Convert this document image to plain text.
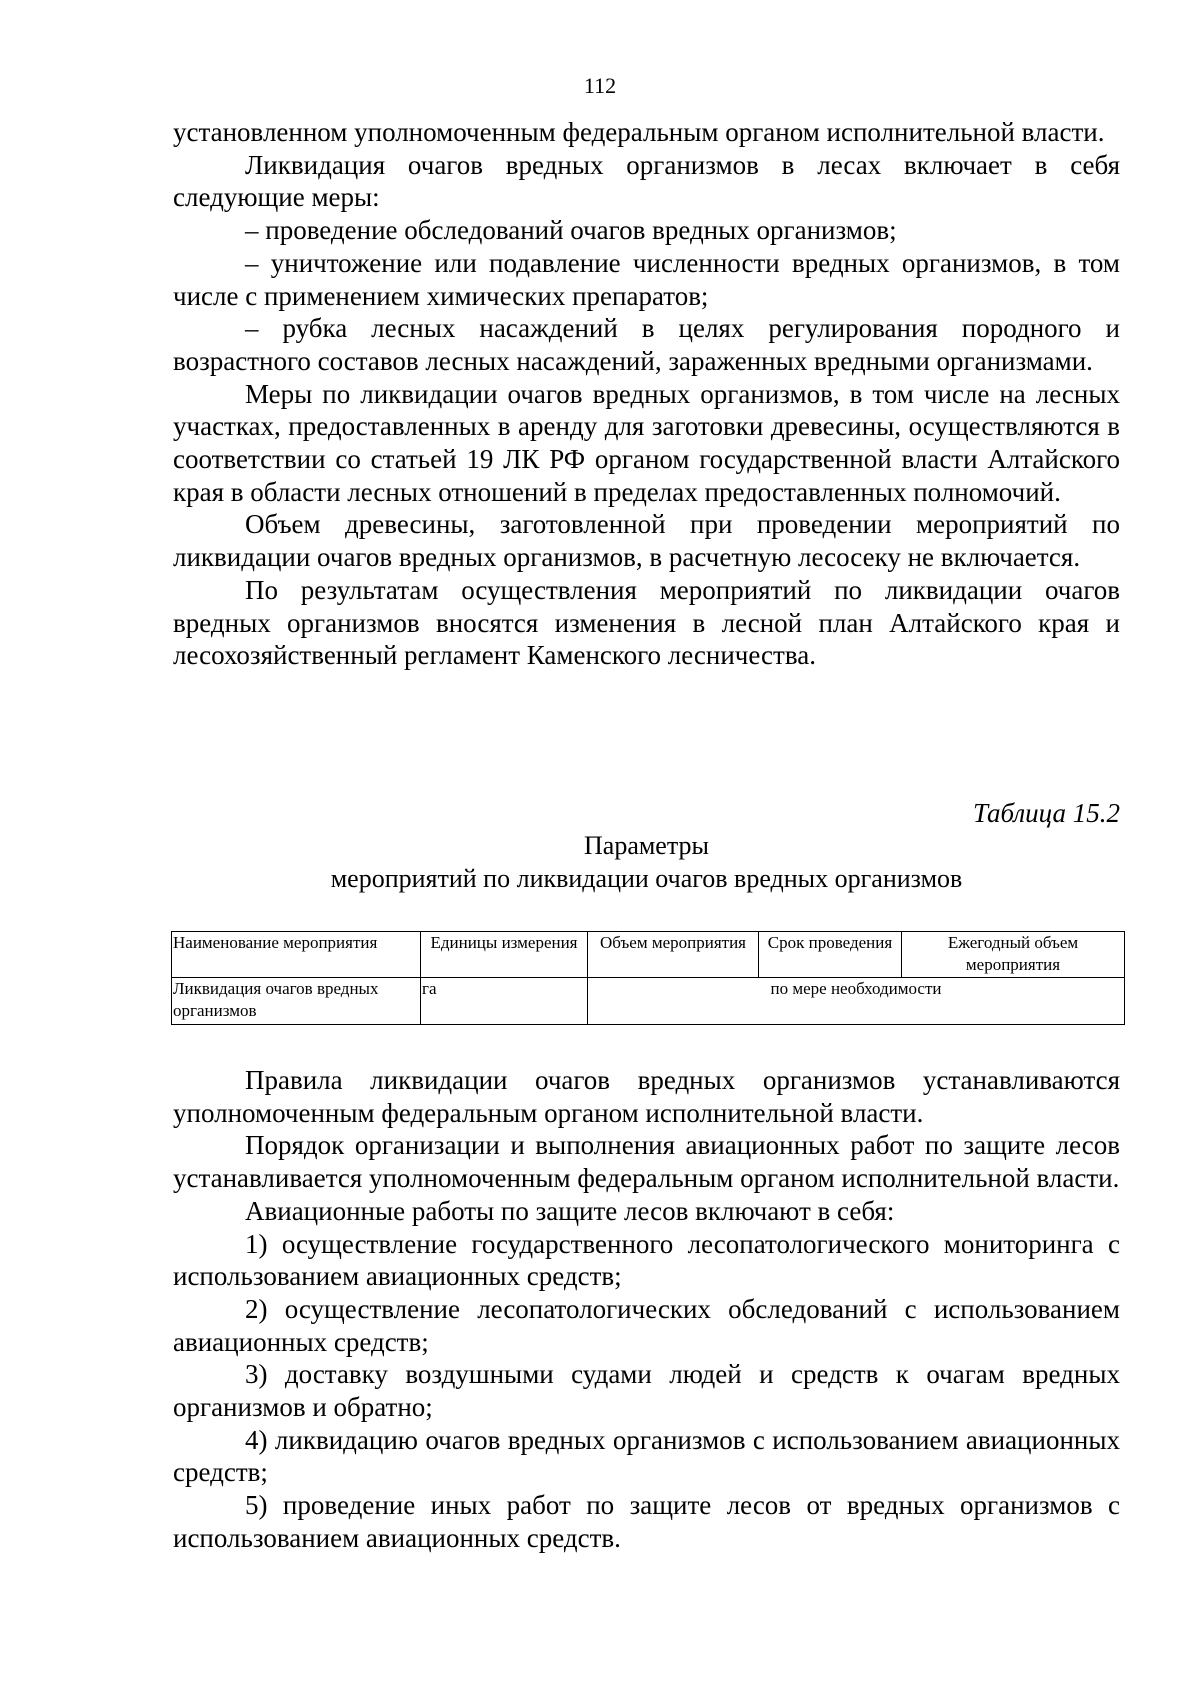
112

установленном уполномоченным федеральным органом исполнительной власти.

Ликвидация очагов вредных организмов в лесах включает в себя следующие меры:

– проведение обследований очагов вредных организмов;

– уничтожение или подавление численности вредных организмов, в том числе с применением химических препаратов;

– рубка лесных насаждений в целях регулирования породного и возрастного составов лесных насаждений, зараженных вредными организмами.

Меры по ликвидации очагов вредных организмов, в том числе на лесных участках, предоставленных в аренду для заготовки древесины, осуществляются в соответствии со статьей 19 ЛК РФ органом государственной власти Алтайского края в области лесных отношений в пределах предоставленных полномочий.

Объем древесины, заготовленной при проведении мероприятий по ликвидации очагов вредных организмов, в расчетную лесосеку не включается.

По результатам осуществления мероприятий по ликвидации очагов вредных организмов вносятся изменения в лесной план Алтайского края и лесохозяйственный регламент Каменского лесничества.

Таблица 15.2
Параметры
мероприятий по ликвидации очагов вредных организмов
Наименование мероприятия	Единицы измерения	Объем мероприятия	Срок проведения	Ежегодный объем мероприятия
Ликвидация очагов вредных организмов	га	по мере необходимости		

Правила ликвидации очагов вредных организмов устанавливаются уполномоченным федеральным органом исполнительной власти.

Порядок организации и выполнения авиационных работ по защите лесов устанавливается уполномоченным федеральным органом исполнительной власти.

Авиационные работы по защите лесов включают в себя:

1) осуществление государственного лесопатологического мониторинга с использованием авиационных средств;

2) осуществление лесопатологических обследований с использованием авиационных средств;

3) доставку воздушными судами людей и средств к очагам вредных организмов и обратно;

4) ликвидацию очагов вредных организмов с использованием авиационных средств;

5) проведение иных работ по защите лесов от вредных организмов с использованием авиационных средств.
